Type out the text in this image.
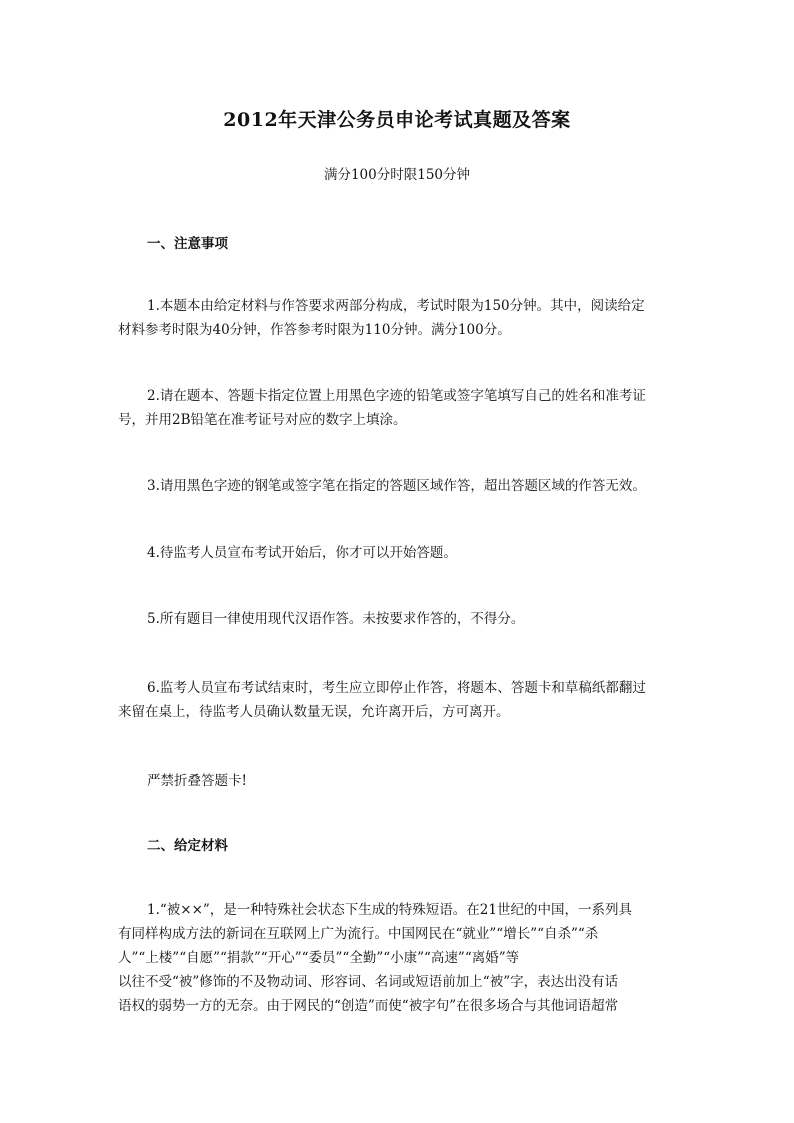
2012年天津公务员申论考试真题及答案
满分100分时限150分钟
一、注意事项
1.本题本由给定材料与作答要求两部分构成，考试时限为150分钟。其中，阅读给定
材料参考时限为40分钟，作答参考时限为110分钟。满分100分。
2.请在题本、答题卡指定位置上用黑色字迹的铅笔或签字笔填写自己的姓名和准考证
号，并用2B铅笔在准考证号对应的数字上填涂。
3.请用黑色字迹的钢笔或签字笔在指定的答题区域作答，超出答题区域的作答无效。
4.待监考人员宣布考试开始后，你才可以开始答题。
5.所有题目一律使用现代汉语作答。未按要求作答的，不得分。
6.监考人员宣布考试结束时，考生应立即停止作答，将题本、答题卡和草稿纸都翻过
来留在桌上，待监考人员确认数量无误，允许离开后，方可离开。
严禁折叠答题卡!
二、给定材料
1.“被××”，是一种特殊社会状态下生成的特殊短语。在21世纪的中国，一系列具
有同样构成方法的新词在互联网上广为流行。中国网民在“就业”“增长”“自杀”“杀
人”“上楼”“自愿”“捐款”“开心”“委员”“全勤”“小康”“高速”“离婚”等
以往不受“被”修饰的不及物动词、形容词、名词或短语前加上“被”字，表达出没有话
语权的弱势一方的无奈。由于网民的“创造”而使“被字句”在很多场合与其他词语超常
